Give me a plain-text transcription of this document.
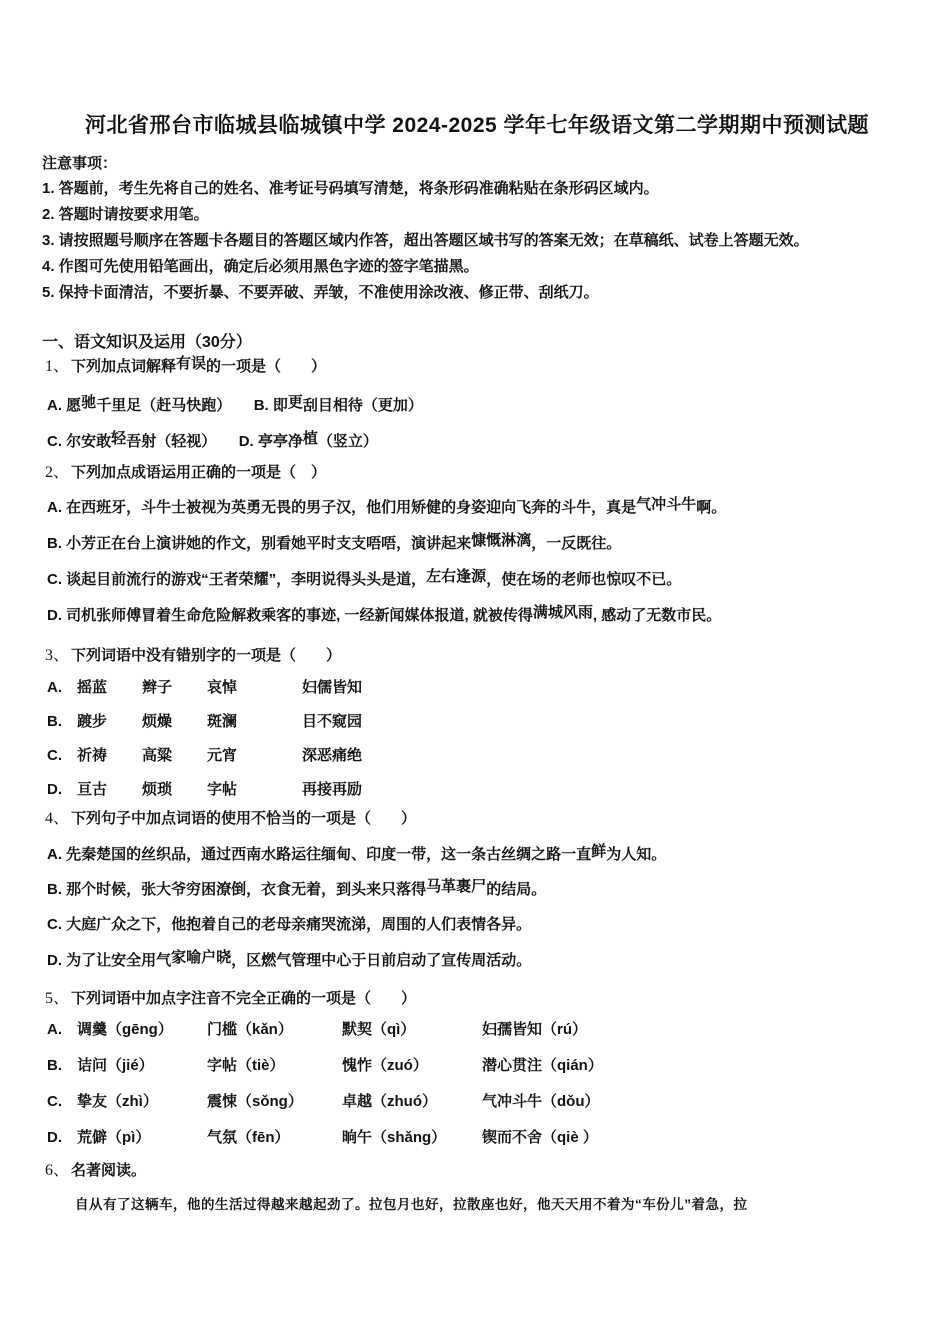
河北省邢台市临城县临城镇中学 2024-2025 学年七年级语文第二学期期中预测试题
注意事项：
1. 答题前，考生先将自己的姓名、准考证号码填写清楚，将条形码准确粘贴在条形码区域内。
2. 答题时请按要求用笔。
3. 请按照题号顺序在答题卡各题目的答题区域内作答，超出答题区域书写的答案无效；在草稿纸、试卷上答题无效。
4. 作图可先使用铅笔画出，确定后必须用黑色字迹的签字笔描黑。
5. 保持卡面清洁，不要折暴、不要弄破、弄皱，不准使用涂改液、修正带、刮纸刀。
一、语文知识及运用（30分）
1、 下列加点词解释有误的一项是（　　）
A. 愿驰千里足（赶马快跑）　　B. 即更刮目相待（更加）
C. 尔安敢轻吾射（轻视）　　D. 亭亭净植（竖立）
2、 下列加点成语运用正确的一项是（　）
A. 在西班牙，斗牛士被视为英勇无畏的男子汉，他们用矫健的身姿迎向飞奔的斗牛，真是气冲斗牛啊。
B. 小芳正在台上演讲她的作文，别看她平时支支唔唔，演讲起来慷慨淋漓，一反既往。
C. 谈起目前流行的游戏“王者荣耀”，李明说得头头是道，左右逢源，使在场的老师也惊叹不已。
D. 司机张师傅冒着生命危险解救乘客的事迹, 一经新闻媒体报道, 就被传得满城风雨, 感动了无数市民。
3、 下列词语中没有错别字的一项是（　　）
A.	摇蓝	辫子	哀悼	妇儒皆知
B.	踱步	烦燥	斑澜	目不窥园
C.	祈祷	高粱	元宵	深恶痛绝
D.	亘古	烦琐	字帖	再接再励
4、 下列句子中加点词语的使用不恰当的一项是（　　）
A. 先秦楚国的丝织品，通过西南水路运往缅甸、印度一带，这一条古丝绸之路一直鲜为人知。
B. 那个时候，张大爷穷困潦倒，衣食无着，到头来只落得马革裹尸的结局。
C. 大庭广众之下，他抱着自己的老母亲痛哭流涕，周围的人们表情各异。
D. 为了让安全用气家喻户晓，区燃气管理中心于日前启动了宣传周活动。
5、 下列词语中加点字注音不完全正确的一项是（　　）
A.	调羹（gēng）	门槛（kǎn）	默契（qì）	妇孺皆知（rú）
B.	诘问（jié）	字帖（tiè）	愧怍（zuó）	潜心贯注（qián）
C.	挚友（zhì）	震悚（sǒng）	卓越（zhuó）	气冲斗牛（dǒu）
D.	荒僻（pì）	气氛（fēn）	晌午（shǎng）	锲而不舍（qiè ）
6、 名著阅读。
自从有了这辆车，他的生活过得越来越起劲了。拉包月也好，拉散座也好，他天天用不着为“车份儿”着急，拉
